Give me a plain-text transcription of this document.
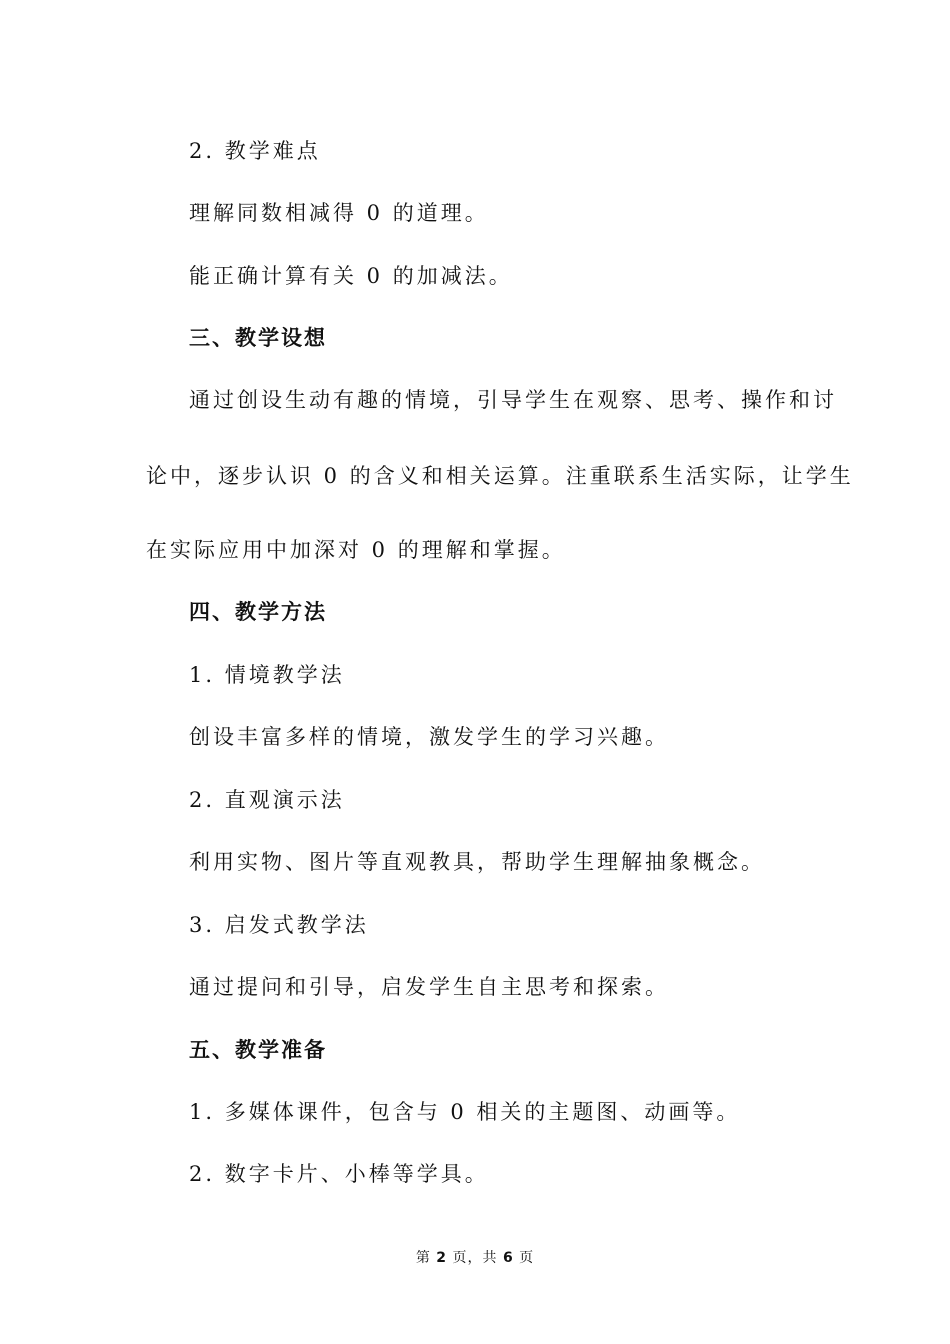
2. 教学难点
理解同数相减得 0 的道理。
能正确计算有关 0 的加减法。
三、教学设想
通过创设生动有趣的情境，引导学生在观察、思考、操作和讨
论中，逐步认识 0 的含义和相关运算。注重联系生活实际，让学生
在实际应用中加深对 0 的理解和掌握。
四、教学方法
1. 情境教学法
创设丰富多样的情境，激发学生的学习兴趣。
2. 直观演示法
利用实物、图片等直观教具，帮助学生理解抽象概念。
3. 启发式教学法
通过提问和引导，启发学生自主思考和探索。
五、教学准备
1. 多媒体课件，包含与 0 相关的主题图、动画等。
2. 数字卡片、小棒等学具。
第 2 页，共 6 页
